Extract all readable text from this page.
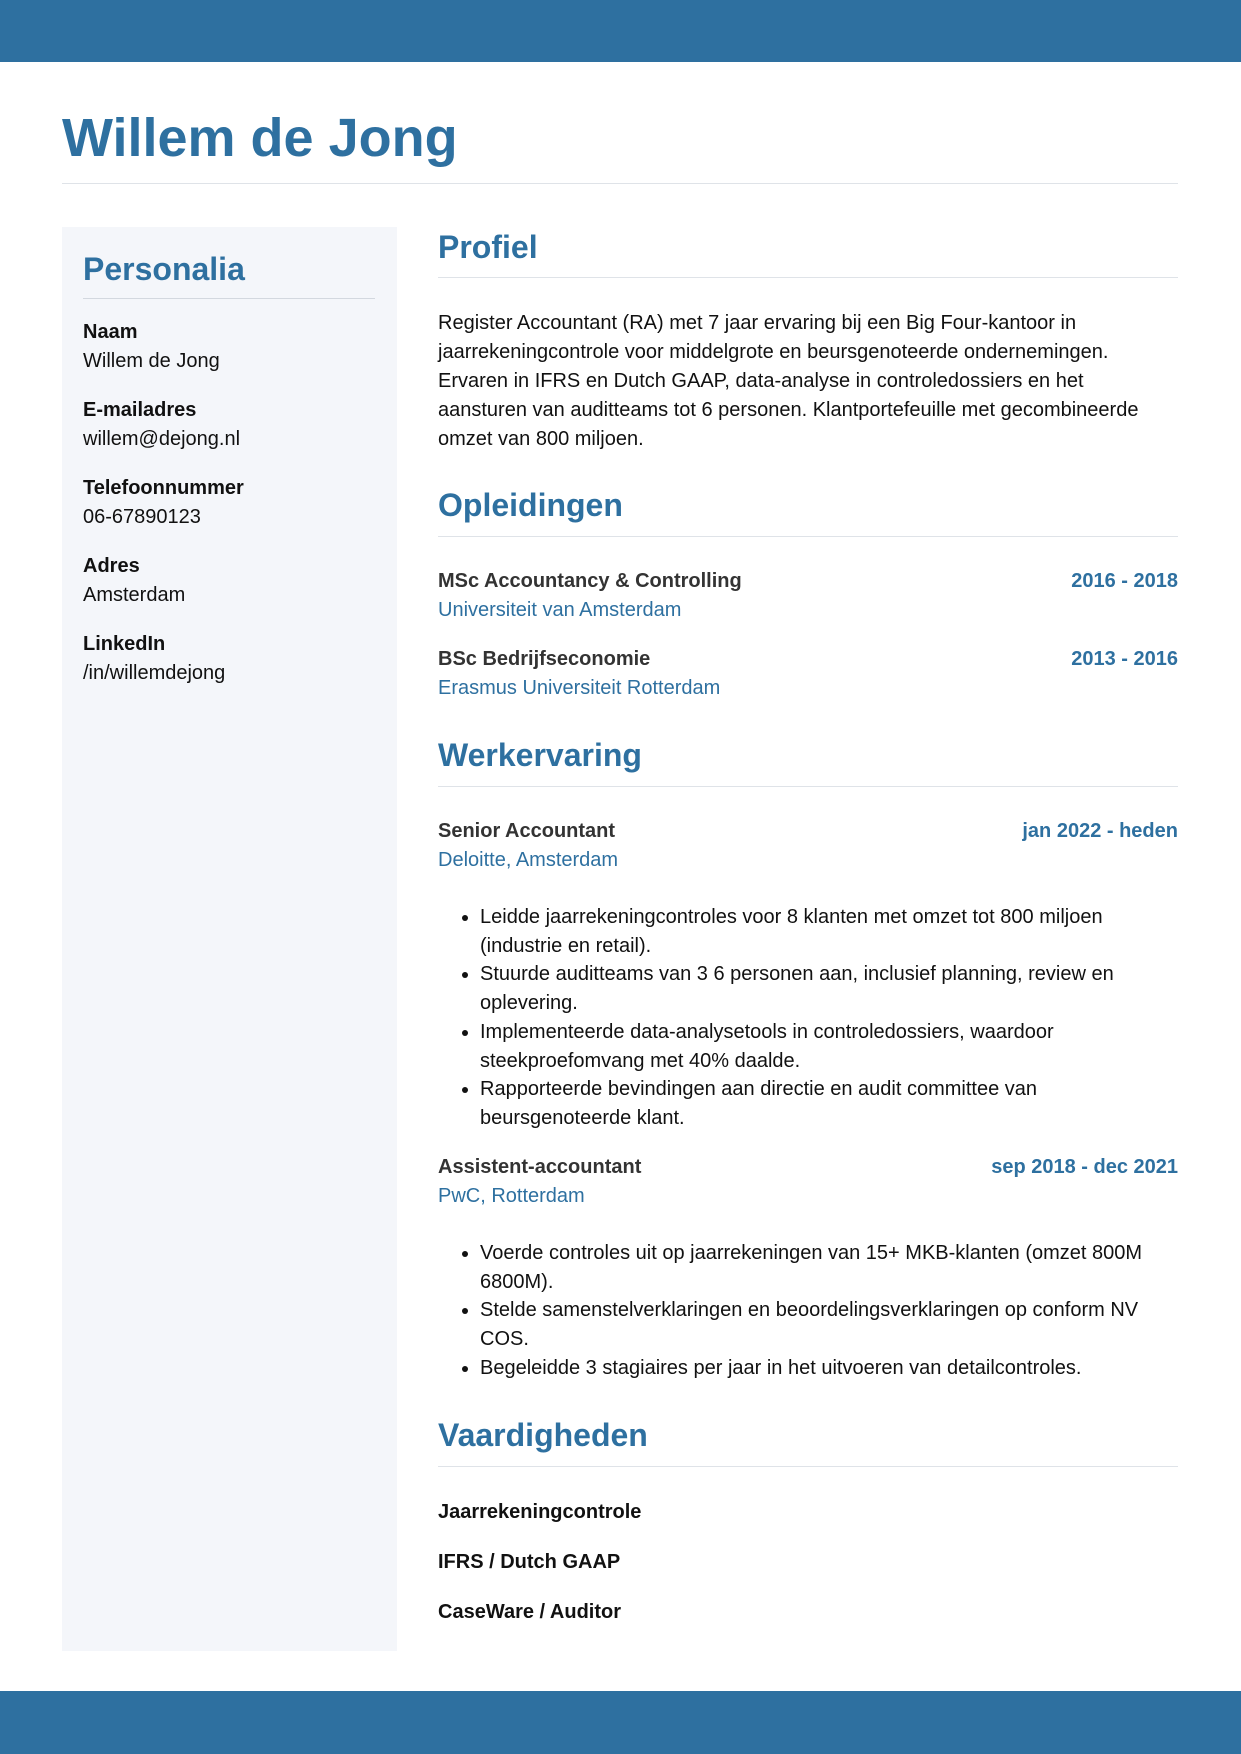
Willem de Jong
Personalia
Naam
Willem de Jong
E-mailadres
willem@dejong.nl
Telefoonnummer
06-67890123
Adres
Amsterdam
LinkedIn
/in/willemdejong
Profiel

Register Accountant (RA) met 7 jaar ervaring bij een Big Four-kantoor in jaarrekeningcontrole voor middelgrote en beursgenoteerde ondernemingen. Ervaren in IFRS en Dutch GAAP, data-analyse in controledossiers en het aansturen van auditteams tot 6 personen. Klantportefeuille met gecombineerde omzet van 800 miljoen.

Opleidingen
MSc Accountancy & Controlling	2016 - 2018
Universiteit van Amsterdam
BSc Bedrijfseconomie	2013 - 2016
Erasmus Universiteit Rotterdam
Werkervaring
Senior Accountant	jan 2022 - heden
Deloitte, Amsterdam
• Leidde jaarrekeningcontroles voor 8 klanten met omzet tot 800 miljoen (industrie en retail).
• Stuurde auditteams van 3 6 personen aan, inclusief planning, review en oplevering.
• Implementeerde data-analysetools in controledossiers, waardoor steekproefomvang met 40% daalde.
• Rapporteerde bevindingen aan directie en audit committee van beursgenoteerde klant.
Assistent-accountant	sep 2018 - dec 2021
PwC, Rotterdam
• Voerde controles uit op jaarrekeningen van 15+ MKB-klanten (omzet 800M 6800M).
• Stelde samenstelverklaringen en beoordelingsverklaringen op conform NV COS.
• Begeleidde 3 stagiaires per jaar in het uitvoeren van detailcontroles.
Vaardigheden
Jaarrekeningcontrole
IFRS / Dutch GAAP
CaseWare / Auditor
